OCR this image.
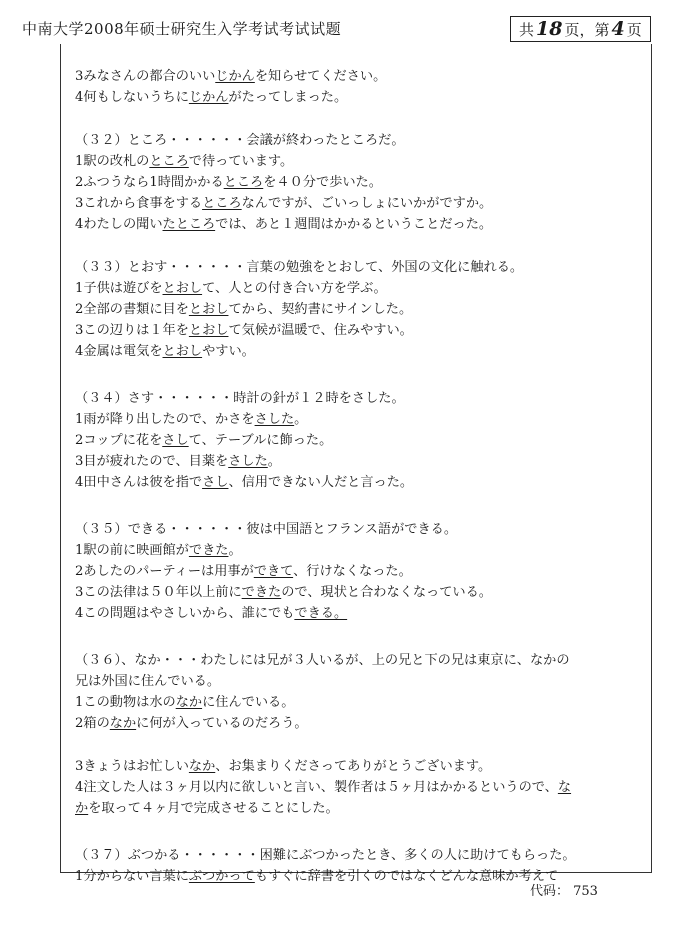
中南大学2008年硕士研究生入学考试考试试题	共 18 页，第 4 页
3みなさんの都合のいいじかんを知らせてください。
4何もしないうちにじかんがたってしまった。
（３２）ところ・・・・・・会議が終わったところだ。
1駅の改札のところで待っています。
2ふつうなら1時間かかるところを４０分で歩いた。
3これから食事をするところなんですが、ごいっしょにいかがですか。
4わたしの聞いたところでは、あと１週間はかかるということだった。
（３３）とおす・・・・・・言葉の勉強をとおして、外国の文化に触れる。
1子供は遊びをとおして、人との付き合い方を学ぶ。
2全部の書類に目をとおしてから、契約書にサインした。
3この辺りは１年をとおして気候が温暖で、住みやすい。
4金属は電気をとおしやすい。
（３４）さす・・・・・・時計の針が１２時をさした。
1雨が降り出したので、かさをさした。
2コップに花をさして、テーブルに飾った。
3目が疲れたので、目薬をさした。
4田中さんは彼を指でさし、信用できない人だと言った。
（３５）できる・・・・・・彼は中国語とフランス語ができる。
1駅の前に映画館ができた。
2あしたのパーティーは用事ができて、行けなくなった。
3この法律は５０年以上前にできたので、現状と合わなくなっている。
4この問題はやさしいから、誰にでもできる。
（３６）、なか・・・わたしには兄が３人いるが、上の兄と下の兄は東京に、なかの
兄は外国に住んでいる。
1この動物は水のなかに住んでいる。
2箱のなかに何が入っているのだろう。
3きょうはお忙しいなか、お集まりくださってありがとうございます。
4注文した人は３ヶ月以内に欲しいと言い、製作者は５ヶ月はかかるというので、な
かを取って４ヶ月で完成させることにした。
（３７）ぶつかる・・・・・・困難にぶつかったとき、多くの人に助けてもらった。
1分からない言葉にぶつかってもすぐに辞書を引くのではなくどんな意味か考えて
代码： 753
